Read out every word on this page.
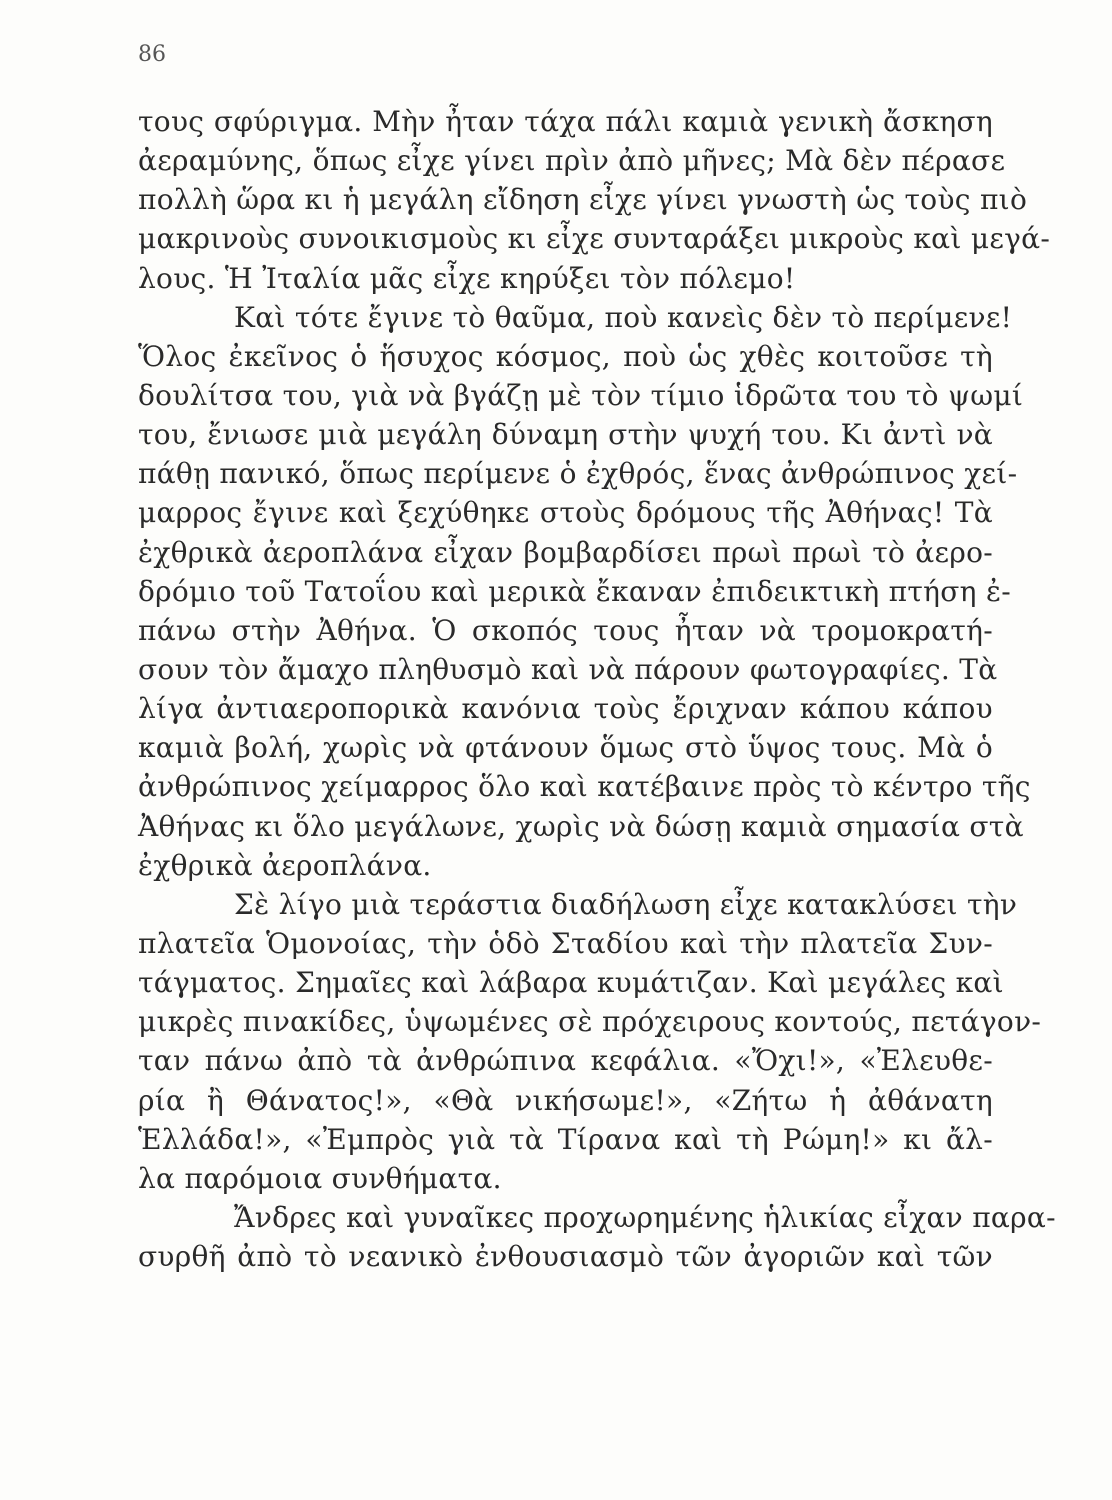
86
τους σφύριγμα. Μὴν ἦταν τάχα πάλι καμιὰ γενικὴ ἄσκηση
ἀεραμύνης, ὅπως εἶχε γίνει πρὶν ἀπὸ μῆνες; Μὰ δὲν πέρασε
πολλὴ ὥρα κι ἡ μεγάλη εἴδηση εἶχε γίνει γνωστὴ ὡς τοὺς πιὸ
μακρινοὺς συνοικισμοὺς κι εἶχε συνταράξει μικροὺς καὶ μεγά-
λους. Ἡ Ἰταλία μᾶς εἶχε κηρύξει τὸν πόλεμο!
Καὶ τότε ἔγινε τὸ θαῦμα, ποὺ κανεὶς δὲν τὸ περίμενε!
Ὅλος ἐκεῖνος ὁ ἥσυχος κόσμος, ποὺ ὡς χθὲς κοιτοῦσε τὴ
δουλίτσα του, γιὰ νὰ βγάζῃ μὲ τὸν τίμιο ἱδρῶτα του τὸ ψωμί
του, ἔνιωσε μιὰ μεγάλη δύναμη στὴν ψυχή του. Κι ἀντὶ νὰ
πάθῃ πανικό, ὅπως περίμενε ὁ ἐχθρός, ἕνας ἀνθρώπινος χεί-
μαρρος ἔγινε καὶ ξεχύθηκε στοὺς δρόμους τῆς Ἀθήνας! Τὰ
ἐχθρικὰ ἀεροπλάνα εἶχαν βομβαρδίσει πρωὶ πρωὶ τὸ ἀερο-
δρόμιο τοῦ Τατοΐου καὶ μερικὰ ἔκαναν ἐπιδεικτικὴ πτήση ἐ-
πάνω στὴν Ἀθήνα. Ὁ σκοπός τους ἦταν νὰ τρομοκρατή-
σουν τὸν ἄμαχο πληθυσμὸ καὶ νὰ πάρουν φωτογραφίες. Τὰ
λίγα ἀντιαεροπορικὰ κανόνια τοὺς ἔριχναν κάπου κάπου
καμιὰ βολή, χωρὶς νὰ φτάνουν ὅμως στὸ ὕψος τους. Μὰ ὁ
ἀνθρώπινος χείμαρρος ὅλο καὶ κατέβαινε πρὸς τὸ κέντρο τῆς
Ἀθήνας κι ὅλο μεγάλωνε, χωρὶς νὰ δώσῃ καμιὰ σημασία στὰ
ἐχθρικὰ ἀεροπλάνα.
Σὲ λίγο μιὰ τεράστια διαδήλωση εἶχε κατακλύσει τὴν
πλατεῖα Ὁμονοίας, τὴν ὁδὸ Σταδίου καὶ τὴν πλατεῖα Συν-
τάγματος. Σημαῖες καὶ λάβαρα κυμάτιζαν. Καὶ μεγάλες καὶ
μικρὲς πινακίδες, ὑψωμένες σὲ πρόχειρους κοντούς, πετάγον-
ταν πάνω ἀπὸ τὰ ἀνθρώπινα κεφάλια. «Ὄχι!», «Ἐλευθε-
ρία ἢ Θάνατος!», «Θὰ νικήσωμε!», «Ζήτω ἡ ἀθάνατη
Ἑλλάδα!», «Ἐμπρὸς γιὰ τὰ Τίρανα καὶ τὴ Ρώμη!» κι ἄλ-
λα παρόμοια συνθήματα.
Ἄνδρες καὶ γυναῖκες προχωρημένης ἡλικίας εἶχαν παρα-
συρθῆ ἀπὸ τὸ νεανικὸ ἐνθουσιασμὸ τῶν ἀγοριῶν καὶ τῶν
